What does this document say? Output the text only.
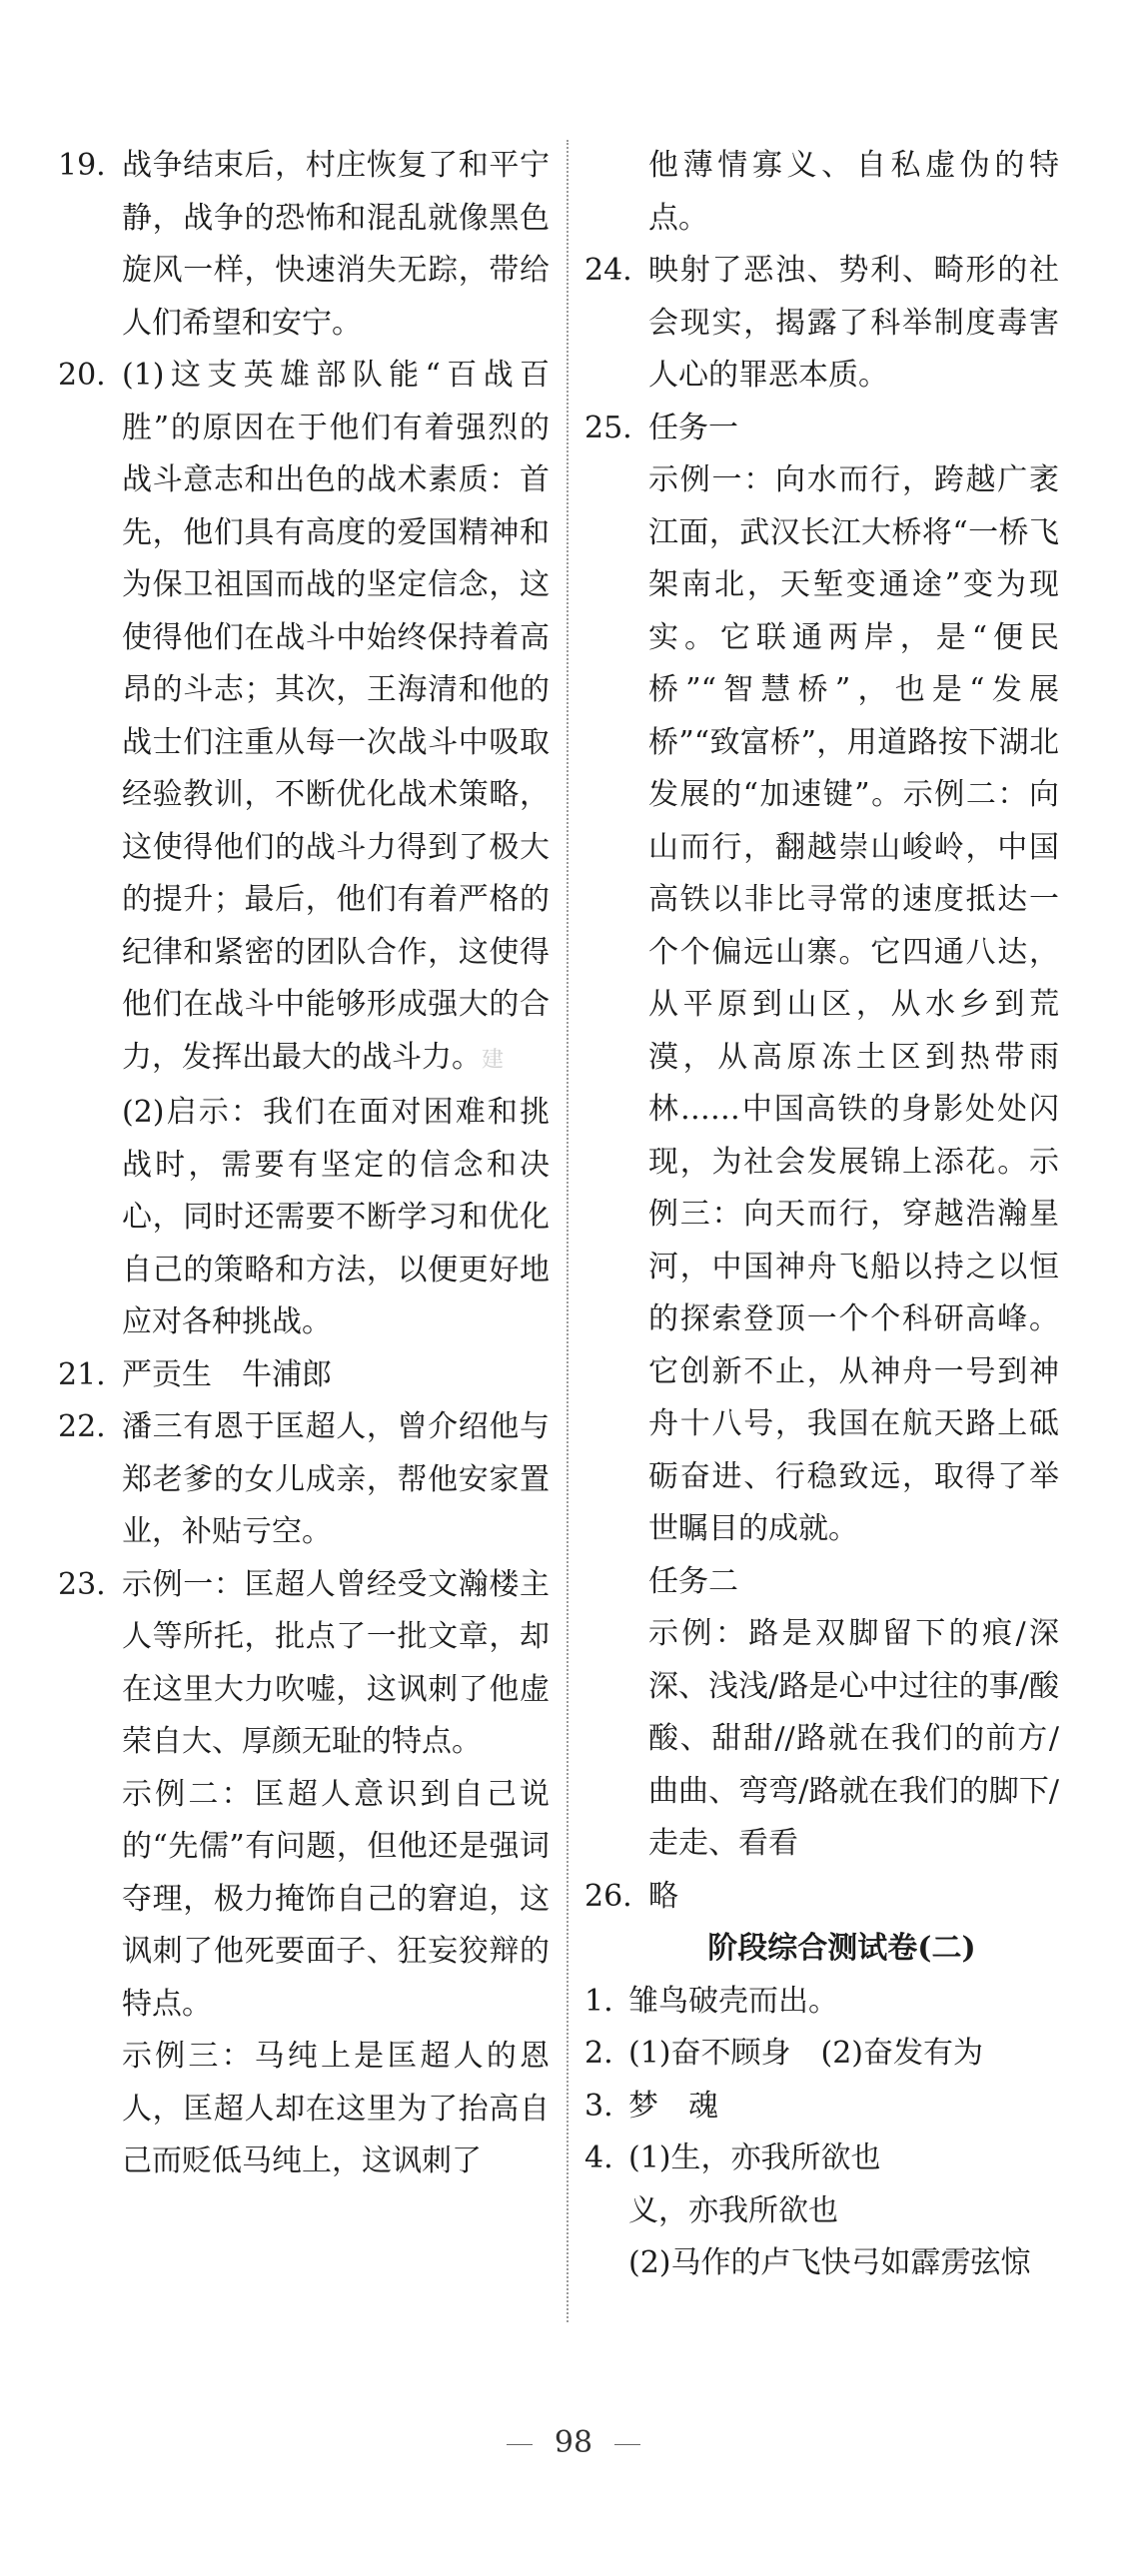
19. 战争结束后，村庄恢复了和平宁静，战争的恐怖和混乱就像黑色旋风一样，快速消失无踪，带给人们希望和安宁。
20. (1)这支英雄部队能“百战百胜”的原因在于他们有着强烈的战斗意志和出色的战术素质：首先，他们具有高度的爱国精神和为保卫祖国而战的坚定信念，这使得他们在战斗中始终保持着高昂的斗志；其次，王海清和他的战士们注重从每一次战斗中吸取经验教训，不断优化战术策略，这使得他们的战斗力得到了极大的提升；最后，他们有着严格的纪律和紧密的团队合作，这使得他们在战斗中能够形成强大的合力，发挥出最大的战斗力。建
(2)启示：我们在面对困难和挑战时，需要有坚定的信念和决心，同时还需要不断学习和优化自己的策略和方法，以便更好地应对各种挑战。
21. 严贡生　牛浦郎
22. 潘三有恩于匡超人，曾介绍他与郑老爹的女儿成亲，帮他安家置业，补贴亏空。
23. 示例一：匡超人曾经受文瀚楼主人等所托，批点了一批文章，却在这里大力吹嘘，这讽刺了他虚荣自大、厚颜无耻的特点。
示例二：匡超人意识到自己说的“先儒”有问题，但他还是强词夺理，极力掩饰自己的窘迫，这讽刺了他死要面子、狂妄狡辩的特点。
示例三：马纯上是匡超人的恩人，匡超人却在这里为了抬高自己而贬低马纯上，这讽刺了
他薄情寡义、自私虚伪的特点。
24. 映射了恶浊、势利、畸形的社会现实，揭露了科举制度毒害人心的罪恶本质。
25. 任务一
示例一：向水而行，跨越广袤江面，武汉长江大桥将“一桥飞架南北，天堑变通途”变为现实。它联通两岸，是“便民桥”“智慧桥”，也是“发展桥”“致富桥”，用道路按下湖北发展的“加速键”。示例二：向山而行，翻越崇山峻岭，中国高铁以非比寻常的速度抵达一个个偏远山寨。它四通八达，从平原到山区，从水乡到荒漠，从高原冻土区到热带雨林……中国高铁的身影处处闪现，为社会发展锦上添花。示例三：向天而行，穿越浩瀚星河，中国神舟飞船以持之以恒的探索登顶一个个科研高峰。它创新不止，从神舟一号到神舟十八号，我国在航天路上砥砺奋进、行稳致远，取得了举世瞩目的成就。
任务二
示例：路是双脚留下的痕/深深、浅浅/路是心中过往的事/酸酸、甜甜//路就在我们的前方/曲曲、弯弯/路就在我们的脚下/走走、看看
26. 略
阶段综合测试卷(二)
1. 雏鸟破壳而出。
2. (1)奋不顾身　(2)奋发有为
3. 梦　魂
4. (1)生，亦我所欲也
义，亦我所欲也
(2)马作的卢飞快弓如霹雳弦惊
98
